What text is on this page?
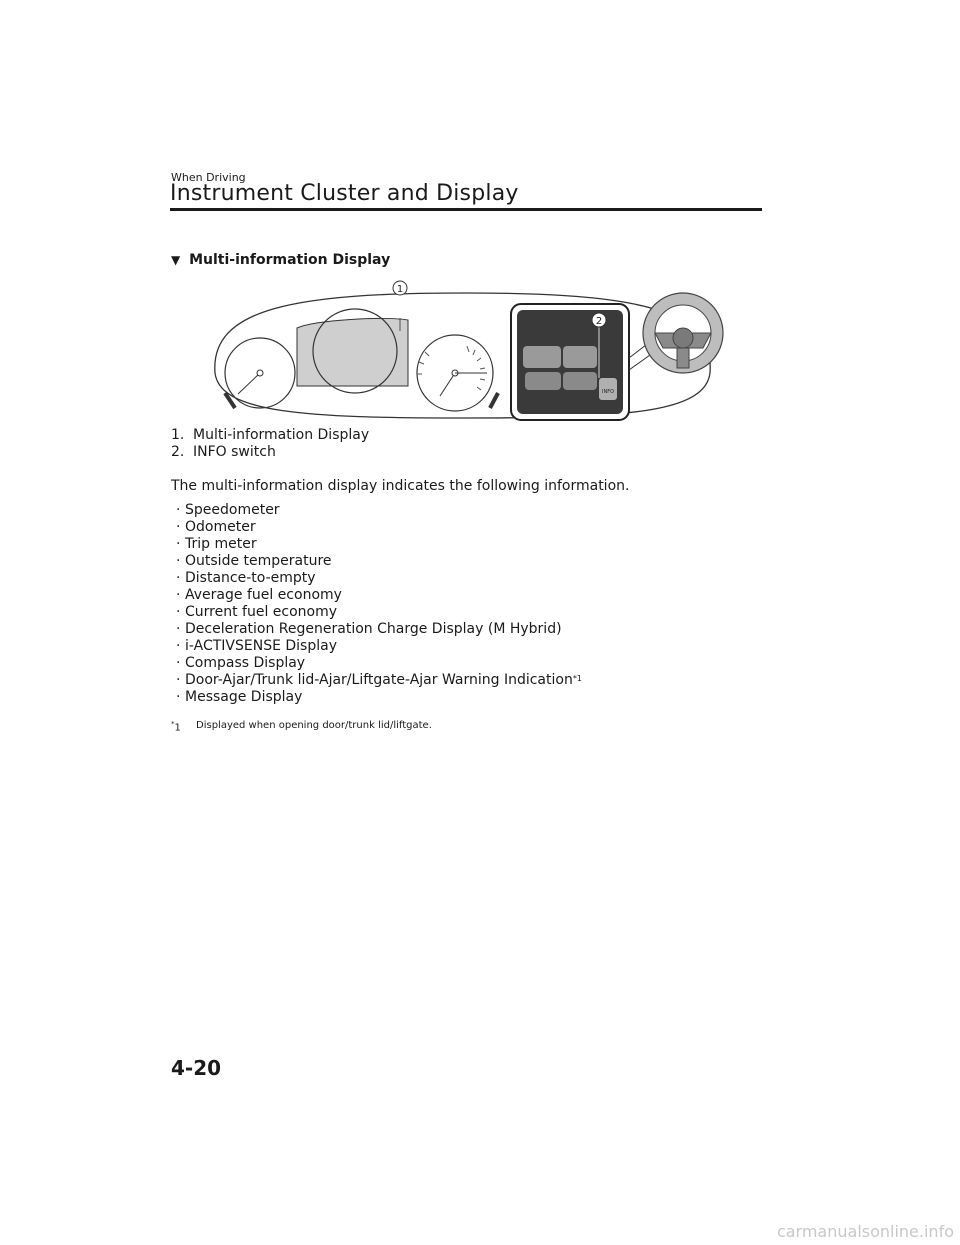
When Driving
Instrument Cluster and Display
▼ Multi-information Display
1
INFO
2
1. Multi-information Display
2. INFO switch
The multi-information display indicates the following information.
· Speedometer
· Odometer
· Trip meter
· Outside temperature
· Distance-to-empty
· Average fuel economy
· Current fuel economy
· Deceleration Regeneration Charge Display (M Hybrid)
· i-ACTIVSENSE Display
· Compass Display
· Door-Ajar/Trunk lid-Ajar/Liftgate-Ajar Warning Indication$^{*1}$
· Message Display
*1	Displayed when opening door/trunk lid/liftgate.
4-20
carmanualsonline.info
